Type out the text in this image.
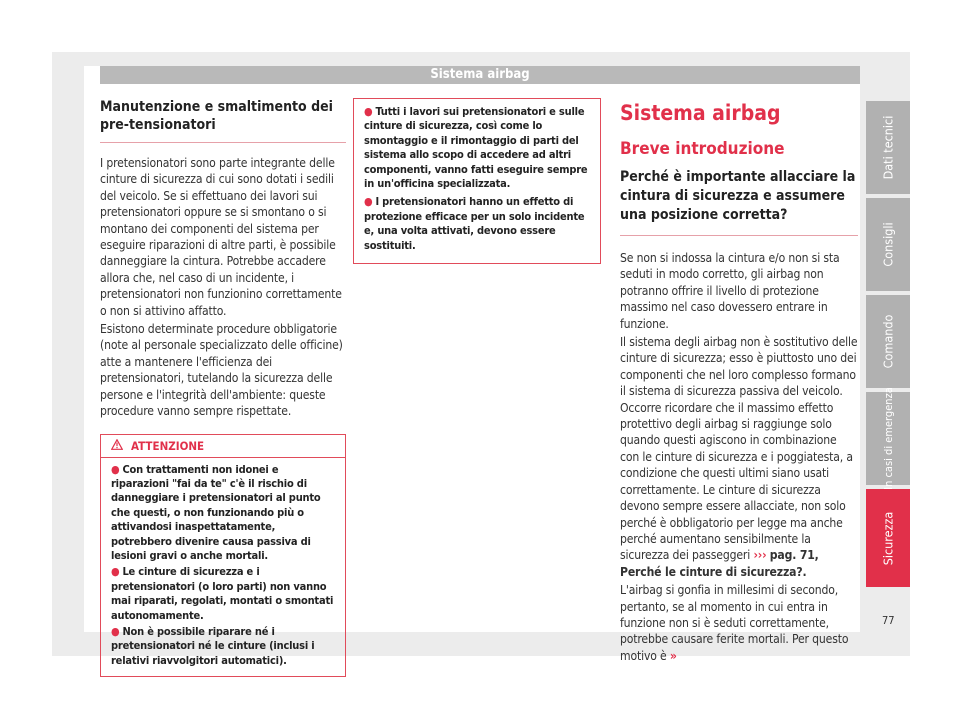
Sistema airbag
Manutenzione e smaltimento dei pre-tensionatori

I pretensionatori sono parte integrante delle cinture di sicurezza di cui sono dotati i sedili del veicolo. Se si effettuano dei lavori sui pretensionatori oppure se si smontano o si montano dei componenti del sistema per eseguire riparazioni di altre parti, è possibile danneggiare la cintura. Potrebbe accadere allora che, nel caso di un incidente, i pretensionatori non funzionino correttamente o non si attivino affatto.

Esistono determinate procedure obbligatorie (note al personale specializzato delle officine) atte a mantenere l'efficienza dei pretensionatori, tutelando la sicurezza delle persone e l'integrità dell'ambiente: queste procedure vanno sempre rispettate.

ATTENZIONE
● Con trattamenti non idonei e riparazioni "fai da te" c'è il rischio di danneggiare i pretensionatori al punto che questi, o non funzionando più o attivandosi inaspettatamente, potrebbero divenire causa passiva di lesioni gravi o anche mortali.
● Le cinture di sicurezza e i pretensionatori (o loro parti) non vanno mai riparati, regolati, montati o smontati autonomamente.
● Non è possibile riparare né i pretensionatori né le cinture (inclusi i relativi riavvolgitori automatici).
● Tutti i lavori sui pretensionatori e sulle cinture di sicurezza, così come lo smontaggio e il rimontaggio di parti del sistema allo scopo di accedere ad altri componenti, vanno fatti eseguire sempre in un'officina specializzata.
● I pretensionatori hanno un effetto di protezione efficace per un solo incidente e, una volta attivati, devono essere sostituiti.
Sistema airbag
Breve introduzione
Perché è importante allacciare la cintura di sicurezza e assumere una posizione corretta?

Se non si indossa la cintura e/o non si sta seduti in modo corretto, gli airbag non potranno offrire il livello di protezione massimo nel caso dovessero entrare in funzione.

Il sistema degli airbag non è sostitutivo delle cinture di sicurezza; esso è piuttosto uno dei componenti che nel loro complesso formano il sistema di sicurezza passiva del veicolo. Occorre ricordare che il massimo effetto protettivo degli airbag si raggiunge solo quando questi agiscono in combinazione con le cinture di sicurezza e i poggiatesta, a condizione che questi ultimi siano usati correttamente. Le cinture di sicurezza devono sempre essere allacciate, non solo perché è obbligatorio per legge ma anche perché aumentano sensibilmente la sicurezza dei passeggeri ››› pag. 71, Perché le cinture di sicurezza?.

L'airbag si gonfia in millesimi di secondo, pertanto, se al momento in cui entra in funzione non si è seduti correttamente, potrebbe causare ferite mortali. Per questo motivo è »

Dati tecnici
Consigli
Comando
In casi di emergenza
Sicurezza
77
